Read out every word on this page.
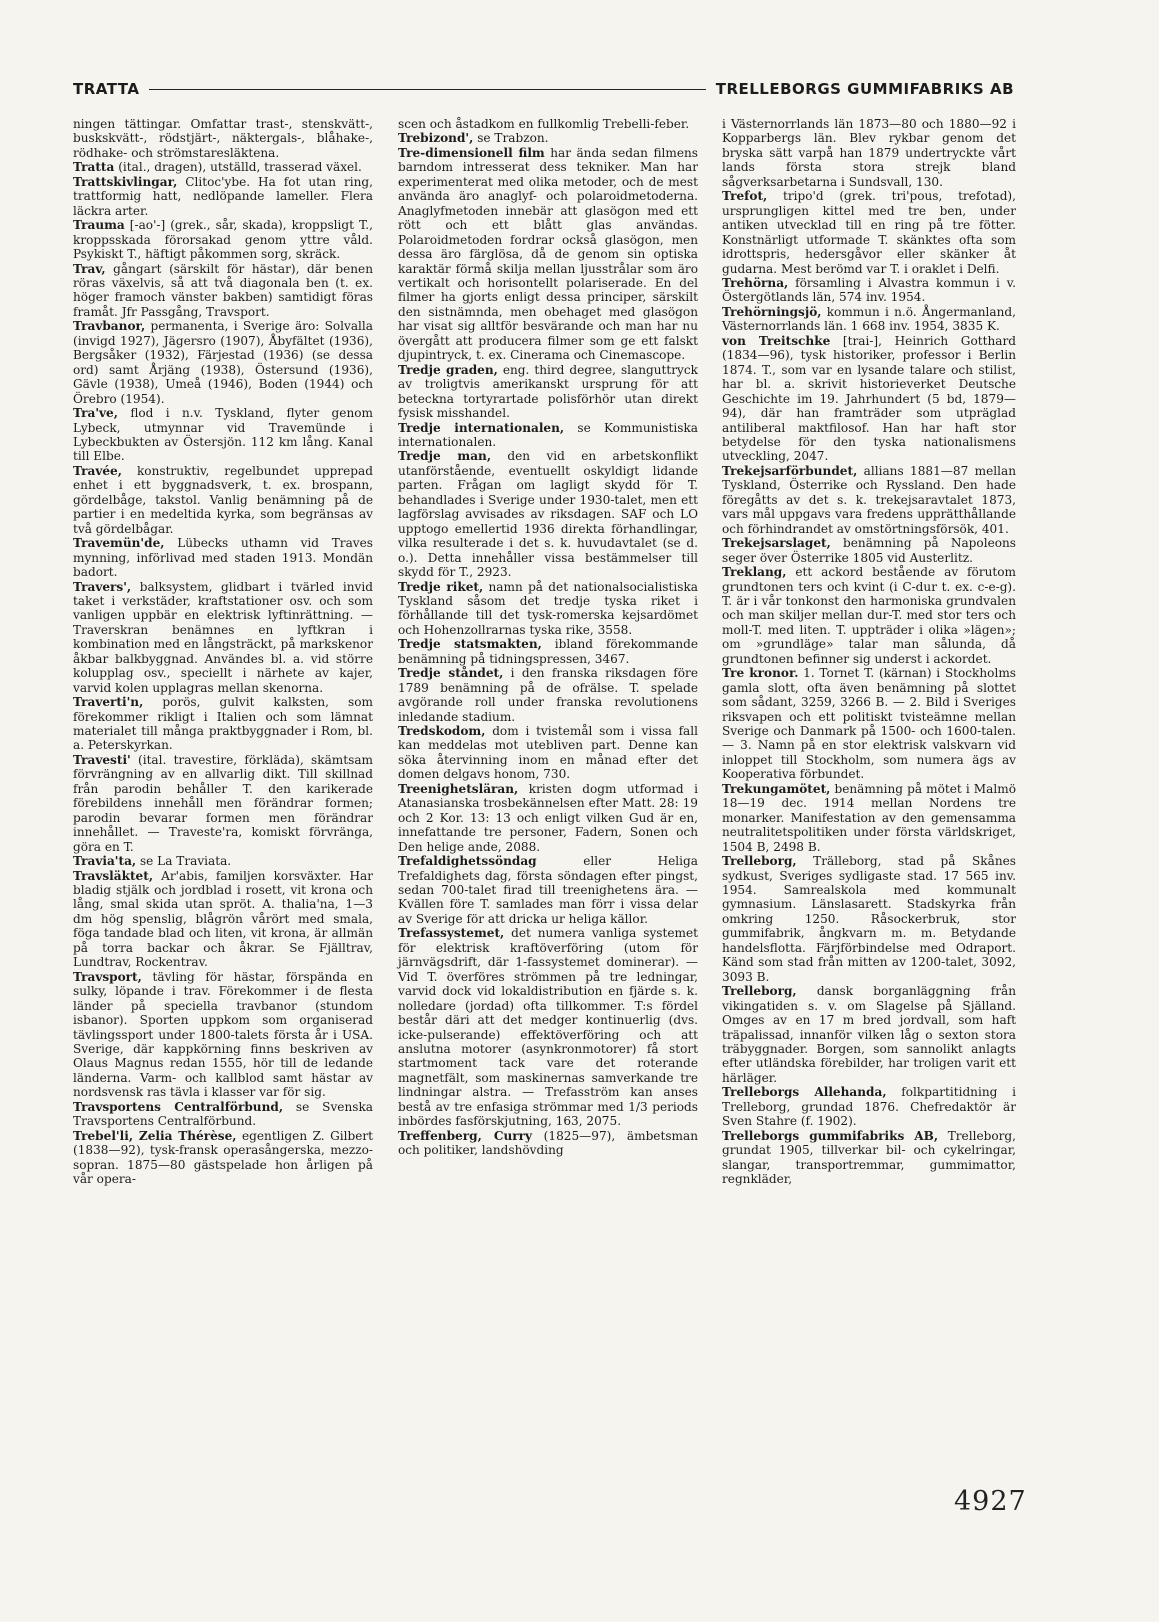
TRATTA	TRELLEBORGS GUMMIFABRIKS AB

ningen tättingar. Omfattar trast-, stenskvätt-, buskskvätt-, rödstjärt-, näktergals-, blåhake-, rödhake- och strömstaresläktena.

Tratta (ital., dragen), utställd, trasserad växel.

Trattskivlingar, Clitoc'ybe. Ha fot utan ring, trattformig hatt, nedlöpande lameller. Flera läckra arter.

Trauma [-ao'-] (grek., sår, skada), kroppsligt T., kroppsskada förorsakad genom yttre våld. Psykiskt T., häftigt påkommen sorg, skräck.

Trav, gångart (särskilt för hästar), där benen röras växelvis, så att två diagonala ben (t. ex. höger framoch vänster bakben) samtidigt föras framåt. Jfr Passgång, Travsport.

Travbanor, permanenta, i Sverige äro: Solvalla (invigd 1927), Jägersro (1907), Åbyfältet (1936), Bergsåker (1932), Färjestad (1936) (se dessa ord) samt Årjäng (1938), Östersund (1936), Gävle (1938), Umeå (1946), Boden (1944) och Örebro (1954).

Tra've, flod i n.v. Tyskland, flyter genom Lybeck, utmynnar vid Travemünde i Lybeckbukten av Östersjön. 112 km lång. Kanal till Elbe.

Travée, konstruktiv, regelbundet upprepad enhet i ett byggnadsverk, t. ex. brospann, gördelbåge, takstol. Vanlig benämning på de partier i en medeltida kyrka, som begränsas av två gördelbågar.

Travemün'de, Lübecks uthamn vid Traves mynning, införlivad med staden 1913. Mondän badort.

Travers', balksystem, glidbart i tvärled invid taket i verkstäder, kraftstationer osv. och som vanligen uppbär en elektrisk lyftinrättning. — Traverskran benämnes en lyftkran i kombination med en långsträckt, på markskenor åkbar balkbyggnad. Användes bl. a. vid större kolupplag osv., speciellt i närhete av kajer, varvid kolen upplagras mellan skenorna.

Traverti'n, porös, gulvit kalksten, som förekommer rikligt i Italien och som lämnat materialet till många praktbyggnader i Rom, bl. a. Peterskyrkan.

Travesti' (ital. travestire, förkläda), skämtsam förvrängning av en allvarlig dikt. Till skillnad från parodin behåller T. den karikerade förebildens innehåll men förändrar formen; parodin bevarar formen men förändrar innehållet. — Traveste'ra, komiskt förvränga, göra en T.

Travia'ta, se La Traviata.

Travsläktet, Ar'abis, familjen korsväxter. Har bladig stjälk och jordblad i rosett, vit krona och lång, smal skida utan spröt. A. thalia'na, 1—3 dm hög spenslig, blågrön vårört med smala, föga tandade blad och liten, vit krona, är allmän på torra backar och åkrar. Se Fjälltrav, Lundtrav, Rockentrav.

Travsport, tävling för hästar, förspända en sulky, löpande i trav. Förekommer i de flesta länder på speciella travbanor (stundom isbanor). Sporten uppkom som organiserad tävlingssport under 1800-talets första år i USA. Sverige, där kappkörning finns beskriven av Olaus Magnus redan 1555, hör till de ledande länderna. Varm- och kallblod samt hästar av nordsvensk ras tävla i klasser var för sig.

Travsportens Centralförbund, se Svenska Travsportens Centralförbund.

Trebel'li, Zelia Thérèse, egentligen Z. Gilbert (1838—92), tysk-fransk operasångerska, mezzo-sopran. 1875—80 gästspelade hon årligen på vår opera-

scen och åstadkom en fullkomlig Trebelli-feber.

Trebizond', se Trabzon.

Tre-dimensionell film har ända sedan filmens barndom intresserat dess tekniker. Man har experimenterat med olika metoder, och de mest använda äro anaglyf- och polaroidmetoderna. Anaglyfmetoden innebär att glasögon med ett rött och ett blått glas användas. Polaroidmetoden fordrar också glasögon, men dessa äro färglösa, då de genom sin optiska karaktär förmå skilja mellan ljusstrålar som äro vertikalt och horisontellt polariserade. En del filmer ha gjorts enligt dessa principer, särskilt den sistnämnda, men obehaget med glasögon har visat sig alltför besvärande och man har nu övergått att producera filmer som ge ett falskt djupintryck, t. ex. Cinerama och Cinemascope.

Tredje graden, eng. third degree, slanguttryck av troligtvis amerikanskt ursprung för att beteckna tortyrartade polisförhör utan direkt fysisk misshandel.

Tredje internationalen, se Kommunistiska internationalen.

Tredje man, den vid en arbetskonflikt utanförstående, eventuellt oskyldigt lidande parten. Frågan om lagligt skydd för T. behandlades i Sverige under 1930-talet, men ett lagförslag avvisades av riksdagen. SAF och LO upptogo emellertid 1936 direkta förhandlingar, vilka resulterade i det s. k. huvudavtalet (se d. o.). Detta innehåller vissa bestämmelser till skydd för T., 2923.

Tredje riket, namn på det nationalsocialistiska Tyskland såsom det tredje tyska riket i förhållande till det tysk-romerska kejsardömet och Hohenzollrarnas tyska rike, 3558.

Tredje statsmakten, ibland förekommande benämning på tidningspressen, 3467.

Tredje ståndet, i den franska riksdagen före 1789 benämning på de ofrälse. T. spelade avgörande roll under franska revolutionens inledande stadium.

Tredskodom, dom i tvistemål som i vissa fall kan meddelas mot utebliven part. Denne kan söka återvinning inom en månad efter det domen delgavs honom, 730.

Treenighetsläran, kristen dogm utformad i Atanasianska trosbekännelsen efter Matt. 28: 19 och 2 Kor. 13: 13 och enligt vilken Gud är en, innefattande tre personer, Fadern, Sonen och Den helige ande, 2088.

Trefaldighetssöndag eller Heliga Trefaldighets dag, första söndagen efter pingst, sedan 700-talet firad till treenighetens ära. — Kvällen före T. samlades man förr i vissa delar av Sverige för att dricka ur heliga källor.

Trefassystemet, det numera vanliga systemet för elektrisk kraftöverföring (utom för järnvägsdrift, där 1-fassystemet dominerar). — Vid T. överföres strömmen på tre ledningar, varvid dock vid lokaldistribution en fjärde s. k. nolledare (jordad) ofta tillkommer. T:s fördel består däri att det medger kontinuerlig (dvs. icke-pulserande) effektöverföring och att anslutna motorer (asynkronmotorer) få stort startmoment tack vare det roterande magnetfält, som maskinernas samverkande tre lindningar alstra. — Trefasström kan anses bestå av tre enfasiga strömmar med 1/3 periods inbördes fasförskjutning, 163, 2075.

Treffenberg, Curry (1825—97), ämbetsman och politiker, landshövding

i Västernorrlands län 1873—80 och 1880—92 i Kopparbergs län. Blev rykbar genom det bryska sätt varpå han 1879 undertryckte vårt lands första stora strejk bland sågverksarbetarna i Sundsvall, 130.

Trefot, tripo'd (grek. tri'pous, trefotad), ursprungligen kittel med tre ben, under antiken utvecklad till en ring på tre fötter. Konstnärligt utformade T. skänktes ofta som idrottspris, hedersgåvor eller skänker åt gudarna. Mest berömd var T. i oraklet i Delfi.

Trehörna, församling i Alvastra kommun i v. Östergötlands län, 574 inv. 1954.

Trehörningsjö, kommun i n.ö. Ångermanland, Västernorrlands län. 1 668 inv. 1954, 3835 K.

von Treitschke [trai-], Heinrich Gotthard (1834—96), tysk historiker, professor i Berlin 1874. T., som var en lysande talare och stilist, har bl. a. skrivit historieverket Deutsche Geschichte im 19. Jahrhundert (5 bd, 1879—94), där han framträder som utpräglad antiliberal maktfilosof. Han har haft stor betydelse för den tyska nationalismens utveckling, 2047.

Trekejsarförbundet, allians 1881—87 mellan Tyskland, Österrike och Ryssland. Den hade föregåtts av det s. k. trekejsaravtalet 1873, vars mål uppgavs vara fredens upprätthållande och förhindrandet av omstörtningsförsök, 401.

Trekejsarslaget, benämning på Napoleons seger över Österrike 1805 vid Austerlitz.

Treklang, ett ackord bestående av förutom grundtonen ters och kvint (i C-dur t. ex. c-e-g). T. är i vår tonkonst den harmoniska grundvalen och man skiljer mellan dur-T. med stor ters och moll-T. med liten. T. uppträder i olika »lägen»; om »grundläge» talar man sålunda, då grundtonen befinner sig underst i ackordet.

Tre kronor. 1. Tornet T. (kärnan) i Stockholms gamla slott, ofta även benämning på slottet som sådant, 3259, 3266 B. — 2. Bild i Sveriges riksvapen och ett politiskt tvisteämne mellan Sverige och Danmark på 1500- och 1600-talen. — 3. Namn på en stor elektrisk valskvarn vid inloppet till Stockholm, som numera ägs av Kooperativa förbundet.

Trekungamötet, benämning på mötet i Malmö 18—19 dec. 1914 mellan Nordens tre monarker. Manifestation av den gemensamma neutralitetspolitiken under första världskriget, 1504 B, 2498 B.

Trelleborg, Trälleborg, stad på Skånes sydkust, Sveriges sydligaste stad. 17 565 inv. 1954. Samrealskola med kommunalt gymnasium. Länslasarett. Stadskyrka från omkring 1250. Råsockerbruk, stor gummifabrik, ångkvarn m. m. Betydande handelsflotta. Färjförbindelse med Odraport. Känd som stad från mitten av 1200-talet, 3092, 3093 B.

Trelleborg, dansk borganläggning från vikingatiden s. v. om Slagelse på Själland. Omges av en 17 m bred jordvall, som haft träpalissad, innanför vilken låg o sexton stora träbyggnader. Borgen, som sannolikt anlagts efter utländska förebilder, har troligen varit ett härläger.

Trelleborgs Allehanda, folkpartitidning i Trelleborg, grundad 1876. Chefredaktör är Sven Stahre (f. 1902).

Trelleborgs gummifabriks AB, Trelleborg, grundat 1905, tillverkar bil- och cykelringar, slangar, transportremmar, gummimattor, regnkläder,

4927
